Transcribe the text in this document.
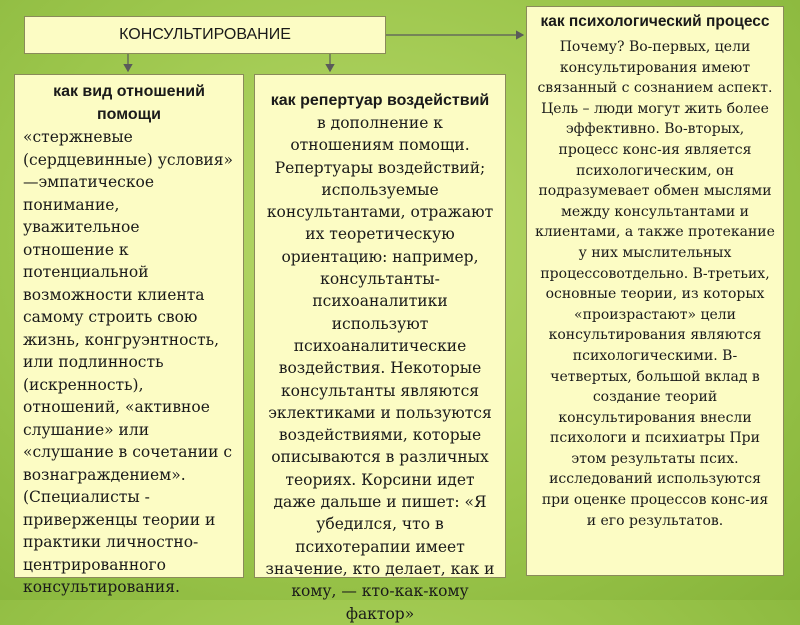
КОНСУЛЬТИРОВАНИЕ
как вид отношений помощи
«стержневые (сердцевинные) условия» —эмпатическое понимание, уважительное отношение к потенциальной возможности клиента самому строить свою жизнь, конгруэнтность, или подлинность (искренность), отношений, «активное слушание» или «слушание в сочетании с вознаграждением». (Специалисты - приверженцы теории и практики личностно-центрированного консультирования.
как репертуар воздействий
в дополнение к отношениям помощи. Репертуары воздействий; используемые консультантами, отражают их теоретическую ориентацию: например, консультанты-психоаналитики используют психоаналитические воздействия. Некоторые консультанты являются эклектиками и пользуются воздействиями, которые описываются в различных теориях. Корсини идет даже дальше и пишет: «Я убедился, что в психотерапии имеет значение, кто делает, как и кому, — кто-как-кому фактор»
как психологический процесс
Почему? Во-первых, цели консультирования имеют связанный с сознанием аспект. Цель – люди могут жить более эффективно. Во-вторых, процесс конс-ия является психологическим, он подразумевает обмен мыслями между консультантами и клиентами, а также протекание у них мыслительных процессовотдельно. В-третьих, основные теории, из которых «произрастают» цели консультирования являются психологическими. В-четвертых, большой вклад в создание теорий консультирования внесли психологи и психиатры При этом результаты псих. исследований используются при оценке процессов конс-ия и его результатов.
